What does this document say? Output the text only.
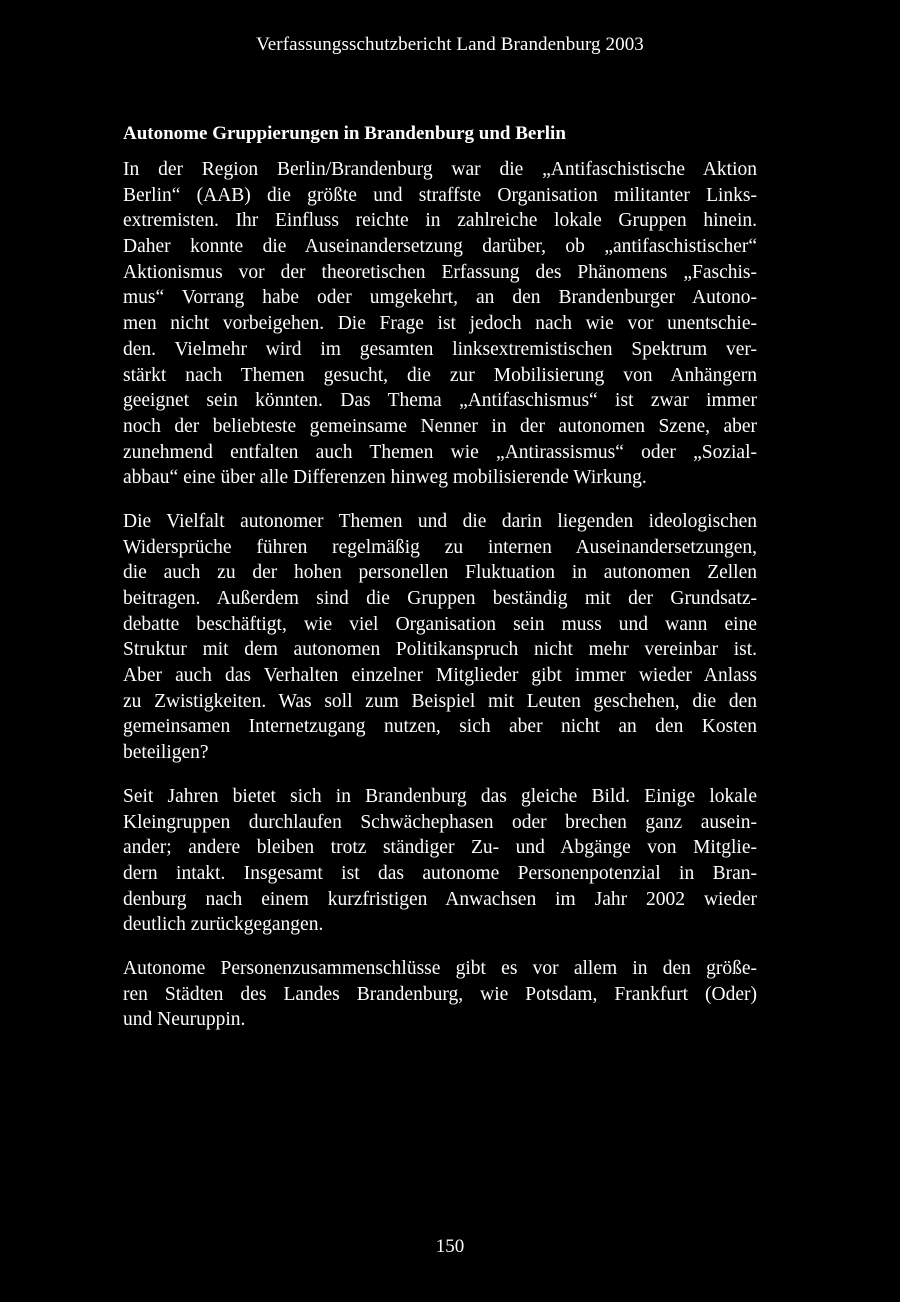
Verfassungsschutzbericht Land Brandenburg 2003
Autonome Gruppierungen in Brandenburg und Berlin
In der Region Berlin/Brandenburg war die „Antifaschistische Aktion
Berlin“ (AAB) die größte und straffste Organisation militanter Links-
extremisten. Ihr Einfluss reichte in zahlreiche lokale Gruppen hinein.
Daher konnte die Auseinandersetzung darüber, ob „antifaschistischer“
Aktionismus vor der theoretischen Erfassung des Phänomens „Faschis-
mus“ Vorrang habe oder umgekehrt, an den Brandenburger Autono-
men nicht vorbeigehen. Die Frage ist jedoch nach wie vor unentschie-
den. Vielmehr wird im gesamten linksextremistischen Spektrum ver-
stärkt nach Themen gesucht, die zur Mobilisierung von Anhängern
geeignet sein könnten. Das Thema „Antifaschismus“ ist zwar immer
noch der beliebteste gemeinsame Nenner in der autonomen Szene, aber
zunehmend entfalten auch Themen wie „Antirassismus“ oder „Sozial-
abbau“ eine über alle Differenzen hinweg mobilisierende Wirkung.
Die Vielfalt autonomer Themen und die darin liegenden ideologischen
Widersprüche führen regelmäßig zu internen Auseinandersetzungen,
die auch zu der hohen personellen Fluktuation in autonomen Zellen
beitragen. Außerdem sind die Gruppen beständig mit der Grundsatz-
debatte beschäftigt, wie viel Organisation sein muss und wann eine
Struktur mit dem autonomen Politikanspruch nicht mehr vereinbar ist.
Aber auch das Verhalten einzelner Mitglieder gibt immer wieder Anlass
zu Zwistigkeiten. Was soll zum Beispiel mit Leuten geschehen, die den
gemeinsamen Internetzugang nutzen, sich aber nicht an den Kosten
beteiligen?
Seit Jahren bietet sich in Brandenburg das gleiche Bild. Einige lokale
Kleingruppen durchlaufen Schwächephasen oder brechen ganz ausein-
ander; andere bleiben trotz ständiger Zu- und Abgänge von Mitglie-
dern intakt. Insgesamt ist das autonome Personenpotenzial in Bran-
denburg nach einem kurzfristigen Anwachsen im Jahr 2002 wieder
deutlich zurückgegangen.
Autonome Personenzusammenschlüsse gibt es vor allem in den größe-
ren Städten des Landes Brandenburg, wie Potsdam, Frankfurt (Oder)
und Neuruppin.
150
